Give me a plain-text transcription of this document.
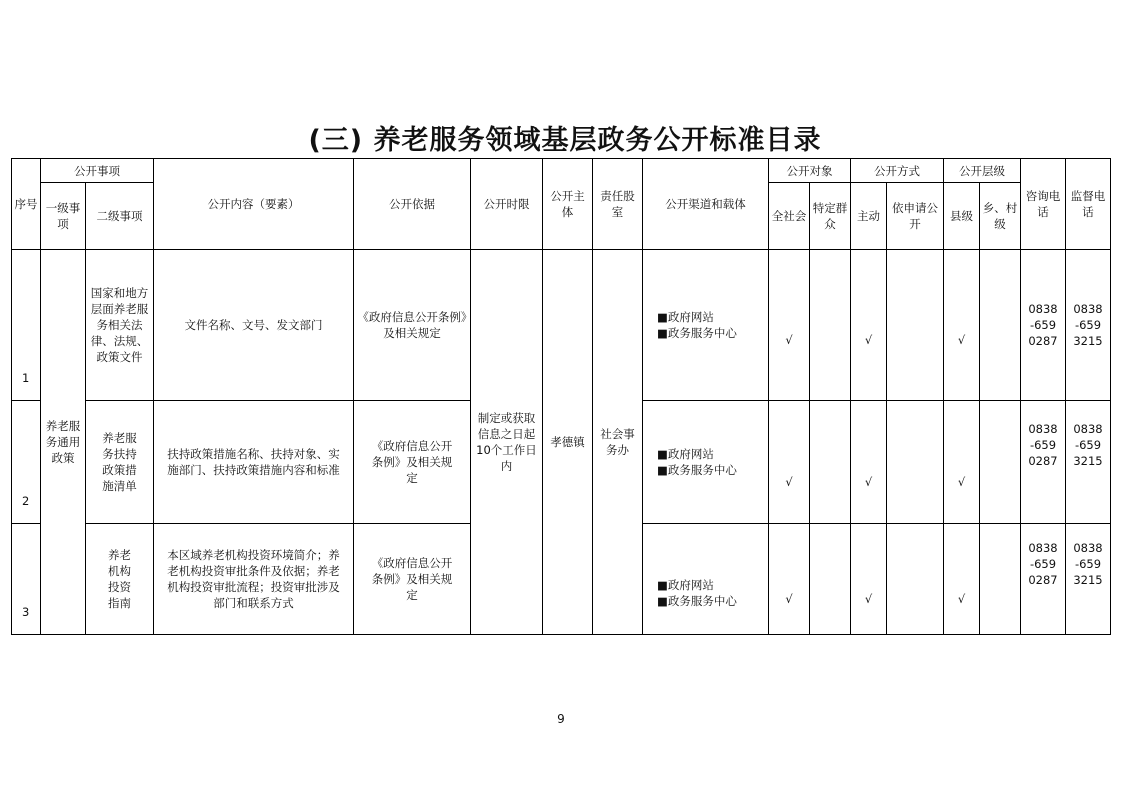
(三) 养老服务领域基层政务公开标准目录
序号	公开事项		公开内容（要素）	公开依据	公开时限	公开主体	责任股室	公开渠道和载体	公开对象		公开方式		公开层级		咨询电话	监督电话
	一级事项	二级事项							全社会	特定群众	主动	依申请公开	县级	乡、村级		
1	养老服务通用政策	国家和地方层面养老服务相关法律、法规、政策文件	文件名称、文号、发文部门	《政府信息公开条例》及相关规定	制定或获取信息之日起10个工作日内	孝德镇	社会事务办	■政府网站
■政务服务中心	√		√		√		0838-6590287	0838-6593215

2		养老服务扶持政策措施清单	扶持政策措施名称、扶持对象、实施部门、扶持政策措施内容和标准	《政府信息公开条例》及相关规定				■政府网站
■政务服务中心	√		√		√		0838-6590287	0838-6593215

3		养老机构投资指南	本区域养老机构投资环境简介；养老机构投资审批条件及依据；养老机构投资审批流程；投资审批涉及部门和联系方式	《政府信息公开条例》及相关规定				■政府网站
■政务服务中心	√		√		√		0838-6590287	0838-6593215
9
